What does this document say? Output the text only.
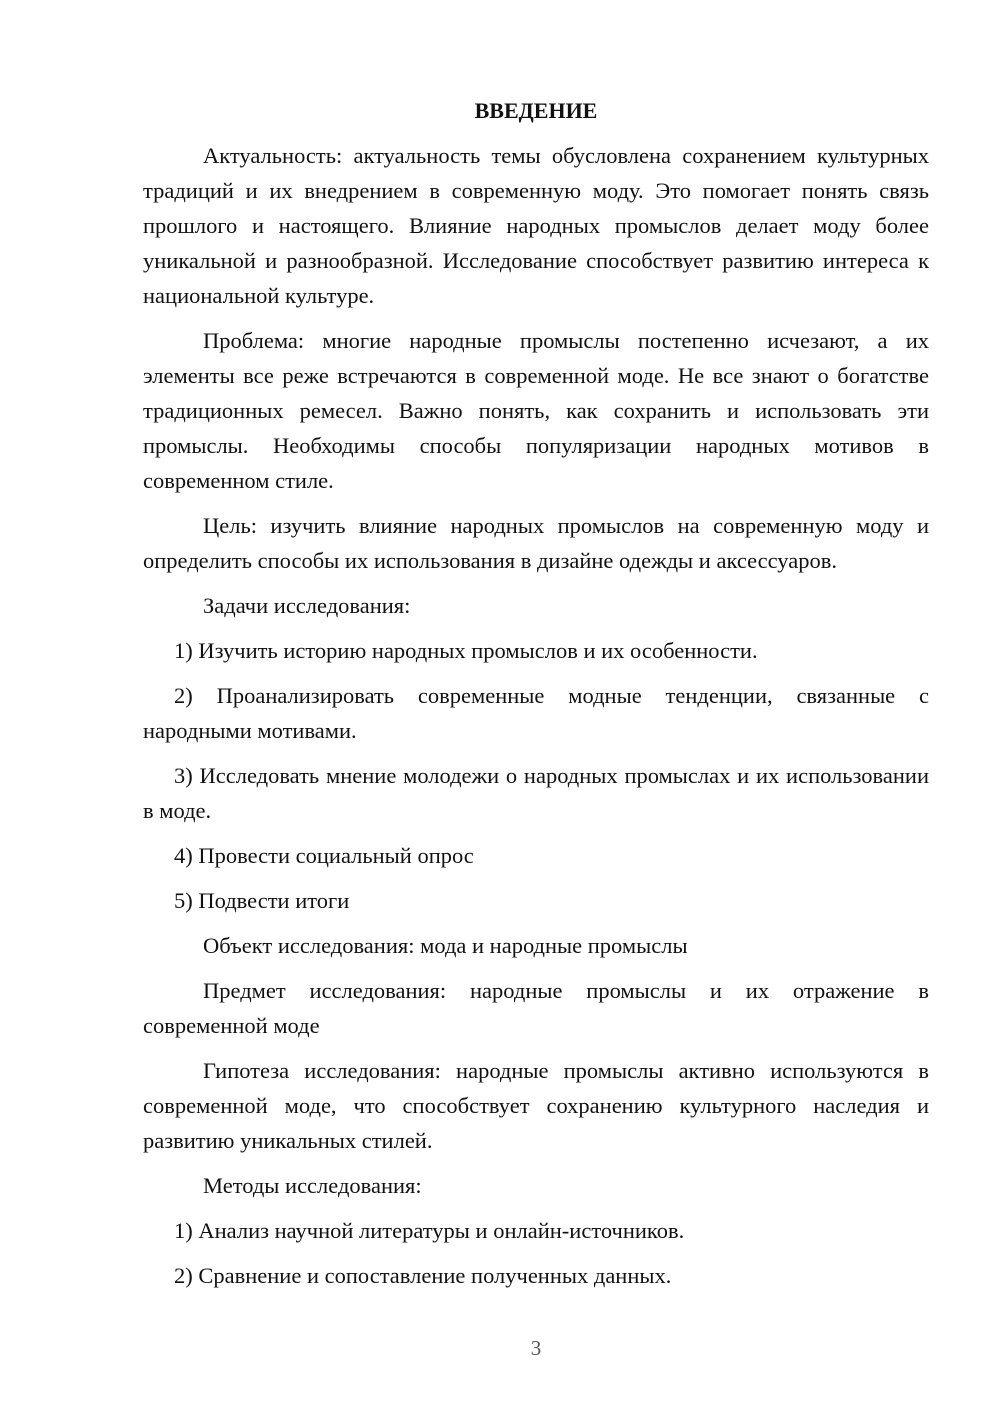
ВВЕДЕНИЕ

Актуальность: актуальность темы обусловлена сохранением культурных традиций и их внедрением в современную моду. Это помогает понять связь прошлого и настоящего. Влияние народных промыслов делает моду более уникальной и разнообразной. Исследование способствует развитию интереса к национальной культуре.

Проблема: многие народные промыслы постепенно исчезают, а их элементы все реже встречаются в современной моде. Не все знают о богатстве традиционных ремесел. Важно понять, как сохранить и использовать эти промыслы. Необходимы способы популяризации народных мотивов в современном стиле.

Цель: изучить влияние народных промыслов на современную моду и определить способы их использования в дизайне одежды и аксессуаров.

Задачи исследования:

1) Изучить историю народных промыслов и их особенности.

2) Проанализировать современные модные тенденции, связанные с народными мотивами.

3) Исследовать мнение молодежи о народных промыслах и их использовании в моде.

4) Провести социальный опрос

5) Подвести итоги

Объект исследования: мода и народные промыслы

Предмет исследования: народные промыслы и их отражение в современной моде

Гипотеза исследования: народные промыслы активно используются в современной моде, что способствует сохранению культурного наследия и развитию уникальных стилей.

Методы исследования:

1) Анализ научной литературы и онлайн-источников.

2) Сравнение и сопоставление полученных данных.

3
